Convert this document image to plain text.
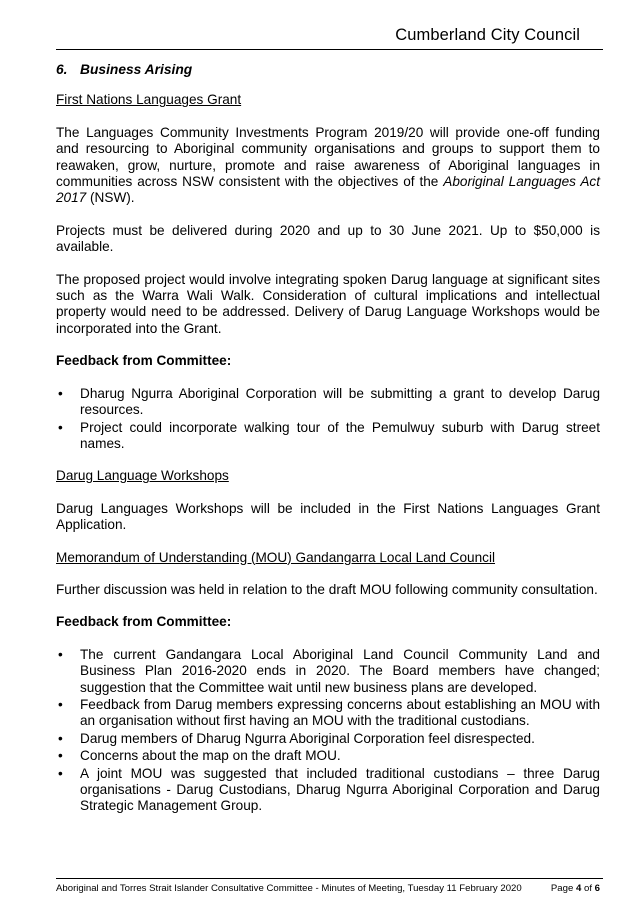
Cumberland City Council
6. Business Arising
First Nations Languages Grant

The Languages Community Investments Program 2019/20 will provide one-off funding and resourcing to Aboriginal community organisations and groups to support them to reawaken, grow, nurture, promote and raise awareness of Aboriginal languages in communities across NSW consistent with the objectives of the Aboriginal Languages Act 2017 (NSW).

Projects must be delivered during 2020 and up to 30 June 2021. Up to $50,000 is available.

The proposed project would involve integrating spoken Darug language at significant sites such as the Warra Wali Walk. Consideration of cultural implications and intellectual property would need to be addressed. Delivery of Darug Language Workshops would be incorporated into the Grant.

Feedback from Committee:
• Dharug Ngurra Aboriginal Corporation will be submitting a grant to develop Darug resources.
• Project could incorporate walking tour of the Pemulwuy suburb with Darug street names.
Darug Language Workshops

Darug Languages Workshops will be included in the First Nations Languages Grant Application.

Memorandum of Understanding (MOU) Gandangarra Local Land Council

Further discussion was held in relation to the draft MOU following community consultation.

Feedback from Committee:
• The current Gandangara Local Aboriginal Land Council Community Land and Business Plan 2016-2020 ends in 2020. The Board members have changed; suggestion that the Committee wait until new business plans are developed.
• Feedback from Darug members expressing concerns about establishing an MOU with an organisation without first having an MOU with the traditional custodians.
• Darug members of Dharug Ngurra Aboriginal Corporation feel disrespected.
• Concerns about the map on the draft MOU.
• A joint MOU was suggested that included traditional custodians – three Darug organisations - Darug Custodians, Dharug Ngurra Aboriginal Corporation and Darug Strategic Management Group.
Aboriginal and Torres Strait Islander Consultative Committee - Minutes of Meeting, Tuesday 11 February 2020	Page 4 of 6
